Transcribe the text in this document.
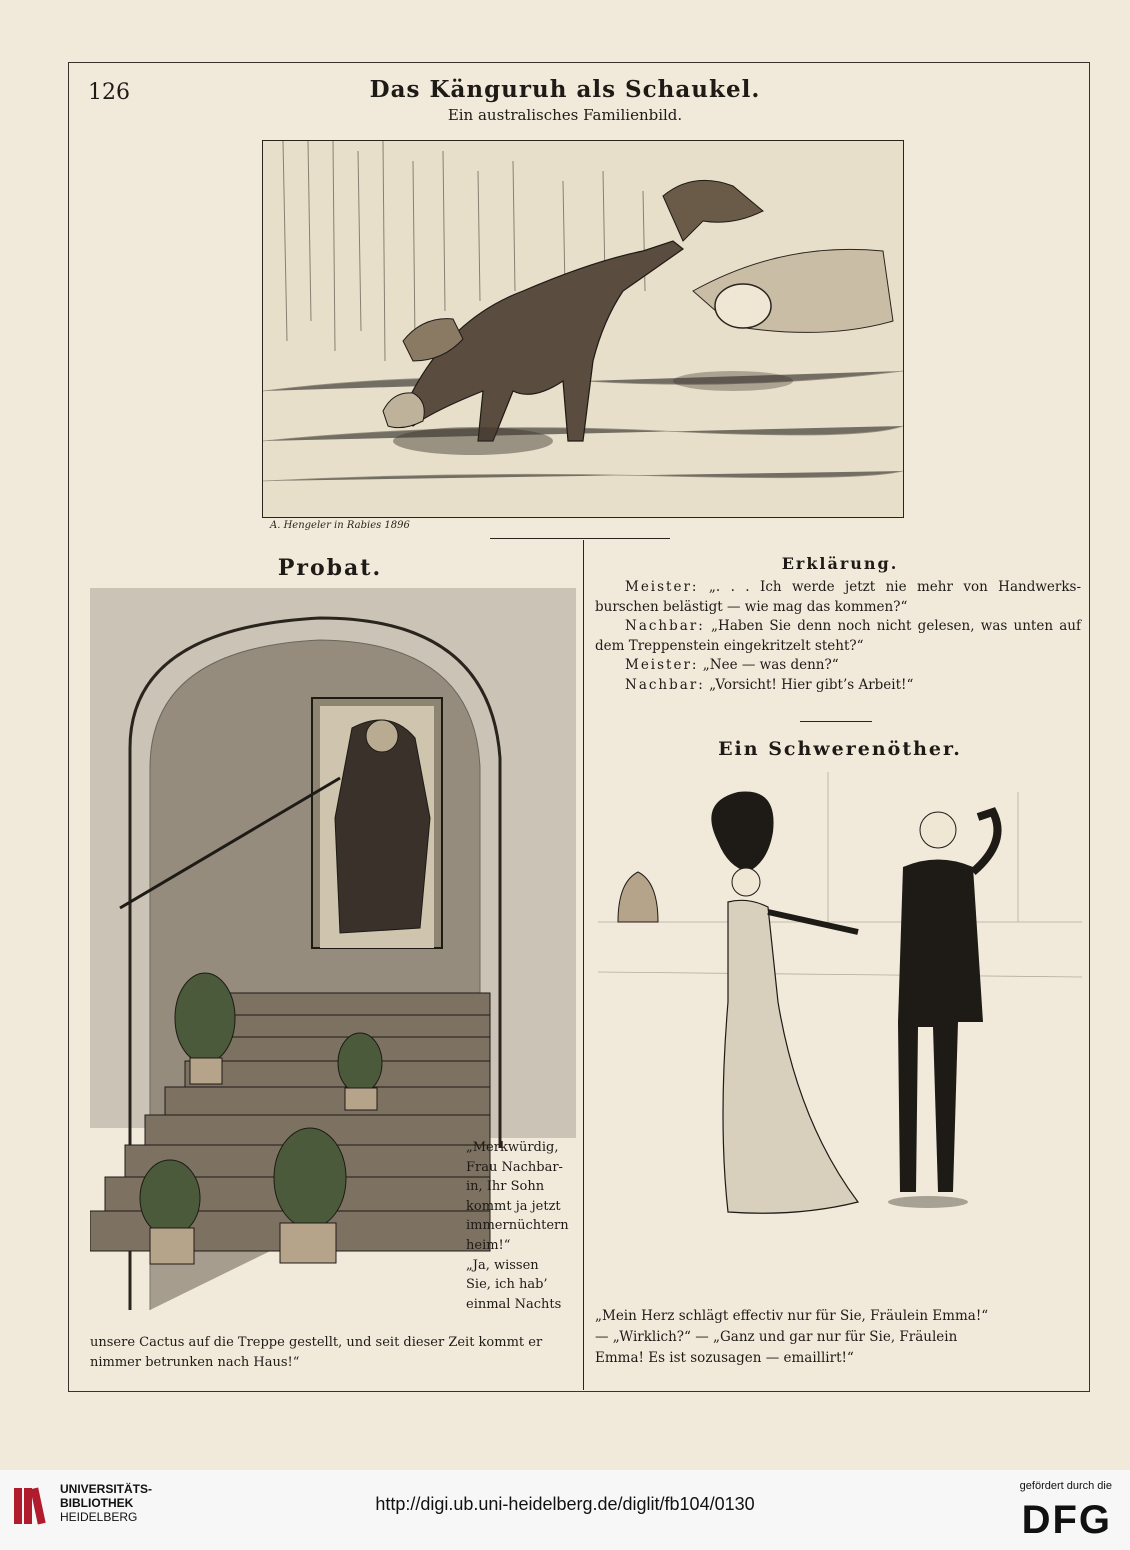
126	Das Känguruh als Schaukel.
Ein australisches Familienbild.
A. Hengeler in Rabies 1896
Probat.

„Merkwürdig,

Frau Nachbar-

in, Ihr Sohn

kommt ja jetzt

immernüchtern

heim!“

„Ja, wissen

Sie, ich hab’

einmal Nachts

unsere Cactus auf die Treppe gestellt, und seit dieser Zeit kommt er

nimmer betrunken nach Haus!“

Erklärung.

Meister: „. . . Ich werde jetzt nie mehr von Handwerks- burschen belästigt — wie mag das kommen?“

Nachbar: „Haben Sie denn noch nicht gelesen, was unten auf dem Treppenstein eingekritzelt steht?“

Meister: „Nee — was denn?“

Nachbar: „Vorsicht! Hier gibt’s Arbeit!“

Ein Schwerenöther.

„Mein Herz schlägt effectiv nur für Sie, Fräulein Emma!“

— „Wirklich?“ — „Ganz und gar nur für Sie, Fräulein

Emma! Es ist sozusagen — emaillirt!“

UNIVERSITÄTS-
BIBLIOTHEK
HEIDELBERG
http://digi.ub.uni-heidelberg.de/diglit/fb104/0130
gefördert durch die
DFG
